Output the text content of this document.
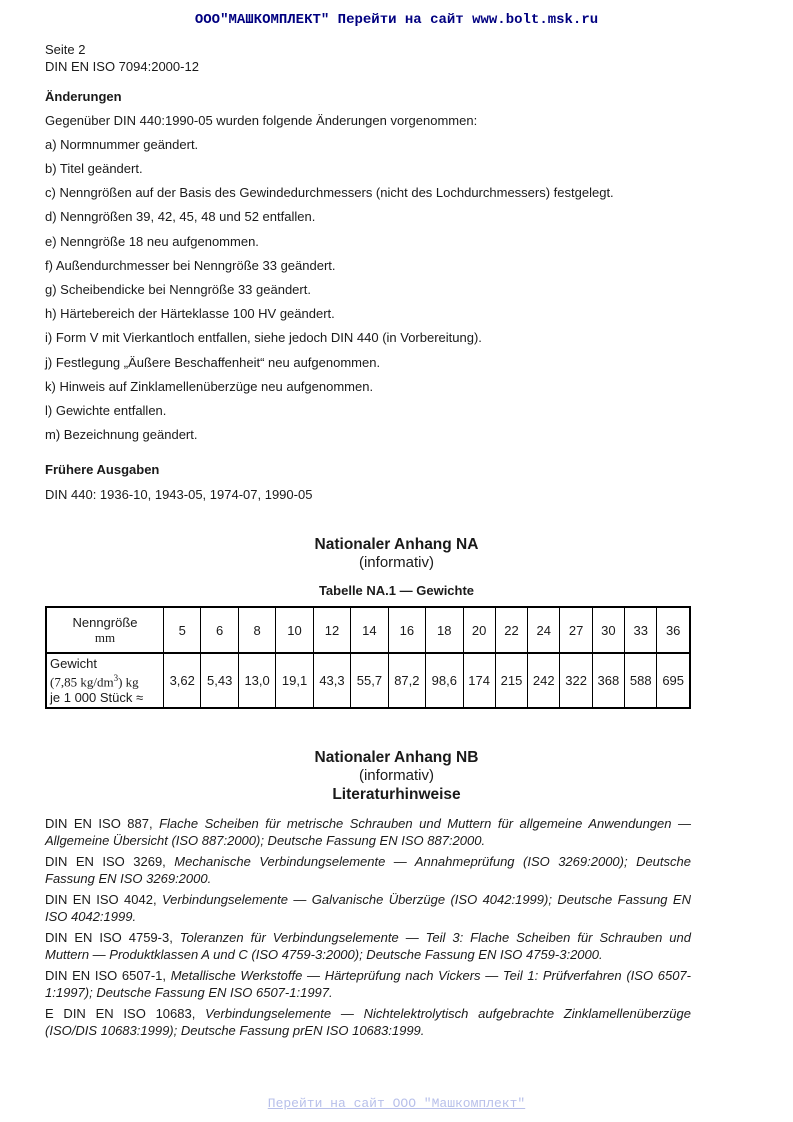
ООО"МАШКОМПЛЕКТ" Перейти на сайт www.bolt.msk.ru
Seite 2
DIN EN ISO 7094:2000-12
Änderungen
Gegenüber DIN 440:1990-05 wurden folgende Änderungen vorgenommen:
a) Normnummer geändert.
b) Titel geändert.
c) Nenngrößen auf der Basis des Gewindedurchmessers (nicht des Lochdurchmessers) festgelegt.
d) Nenngrößen 39, 42, 45, 48 und 52 entfallen.
e) Nenngröße 18 neu aufgenommen.
f) Außendurchmesser bei Nenngröße 33 geändert.
g) Scheibendicke bei Nenngröße 33 geändert.
h) Härtebereich der Härteklasse 100 HV geändert.
i) Form V mit Vierkantloch entfallen, siehe jedoch DIN 440 (in Vorbereitung).
j) Festlegung „Äußere Beschaffenheit“ neu aufgenommen.
k) Hinweis auf Zinklamellenüberzüge neu aufgenommen.
l) Gewichte entfallen.
m) Bezeichnung geändert.
Frühere Ausgaben
DIN 440: 1936-10, 1943-05, 1974-07, 1990-05
Nationaler Anhang NA
(informativ)
Tabelle NA.1 — Gewichte
Nenngröße
mm	5	6	8	10	12	14	16	18	20	22	24	27	30	33	36

Gewicht
(7,85 $kg/dm^3$) kg
je 1 000 Stück ≈	3,62	5,43	13,0	19,1	43,3	55,7	87,2	98,6	174	215	242	322	368	588	695
Nationaler Anhang NB
(informativ)
Literaturhinweise
DIN EN ISO 887, Flache Scheiben für metrische Schrauben und Muttern für allgemeine Anwendungen — Allgemeine Übersicht (ISO 887:2000); Deutsche Fassung EN ISO 887:2000.
DIN EN ISO 3269, Mechanische Verbindungselemente — Annahmeprüfung (ISO 3269:2000); Deutsche Fassung EN ISO 3269:2000.
DIN EN ISO 4042, Verbindungselemente — Galvanische Überzüge (ISO 4042:1999); Deutsche Fassung EN ISO 4042:1999.
DIN EN ISO 4759-3, Toleranzen für Verbindungselemente — Teil 3: Flache Scheiben für Schrauben und Muttern — Produktklassen A und C (ISO 4759-3:2000); Deutsche Fassung EN ISO 4759-3:2000.
DIN EN ISO 6507-1, Metallische Werkstoffe — Härteprüfung nach Vickers — Teil 1: Prüfverfahren (ISO 6507-1:1997); Deutsche Fassung EN ISO 6507-1:1997.
E DIN EN ISO 10683, Verbindungselemente — Nichtelektrolytisch aufgebrachte Zinklamellenüberzüge (ISO/DIS 10683:1999); Deutsche Fassung prEN ISO 10683:1999.
Перейти на сайт ООО "Машкомплект"
